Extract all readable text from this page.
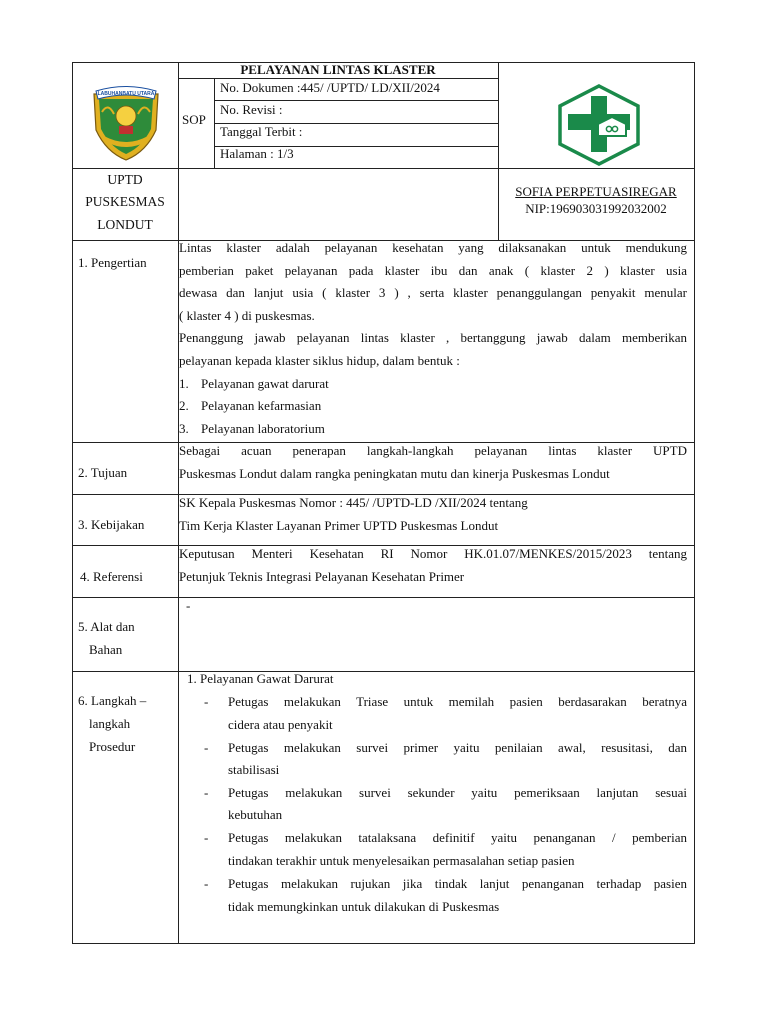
LABUHANBATU UTARA
PELAYANAN LINTAS KLASTER
SOP
No. Dokumen :445/ /UPTD/ LD/XII/2024
No. Revisi :
Tanggal Terbit :
Halaman : 1/3
UPTD
PUSKESMAS
LONDUT
SOFIA PERPETUASIREGAR
NIP:196903031992032002
1. Pengertian
Lintas klaster adalah pelayanan kesehatan yang dilaksanakan untuk mendukung
pemberian paket pelayanan pada klaster ibu dan anak ( klaster 2 ) klaster usia
dewasa dan lanjut usia ( klaster 3 ) , serta klaster penanggulangan penyakit menular
( klaster 4 ) di puskesmas.
Penanggung jawab pelayanan lintas klaster , bertanggung jawab dalam memberikan
pelayanan kepada klaster siklus hidup, dalam bentuk :
1. Pelayanan gawat darurat
2. Pelayanan kefarmasian
3. Pelayanan laboratorium
2. Tujuan
Sebagai acuan penerapan langkah-langkah pelayanan lintas klaster UPTD
Puskesmas Londut dalam rangka peningkatan mutu dan kinerja Puskesmas Londut
3. Kebijakan
SK Kepala Puskesmas Nomor : 445/ /UPTD-LD /XII/2024 tentang
Tim Kerja Klaster Layanan Primer UPTD Puskesmas Londut
4. Referensi
Keputusan Menteri Kesehatan RI Nomor HK.01.07/MENKES/2015/2023 tentang
Petunjuk Teknis Integrasi Pelayanan Kesehatan Primer
5. Alat dan
Bahan
-
6. Langkah –
langkah
Prosedur
1. Pelayanan Gawat Darurat
- Petugas melakukan Triase untuk memilah pasien berdasarakan beratnya
cidera atau penyakit
- Petugas melakukan survei primer yaitu penilaian awal, resusitasi, dan
stabilisasi
- Petugas melakukan survei sekunder yaitu pemeriksaan lanjutan sesuai
kebutuhan
- Petugas melakukan tatalaksana definitif yaitu penanganan / pemberian
tindakan terakhir untuk menyelesaikan permasalahan setiap pasien
- Petugas melakukan rujukan jika tindak lanjut penanganan terhadap pasien
tidak memungkinkan untuk dilakukan di Puskesmas
